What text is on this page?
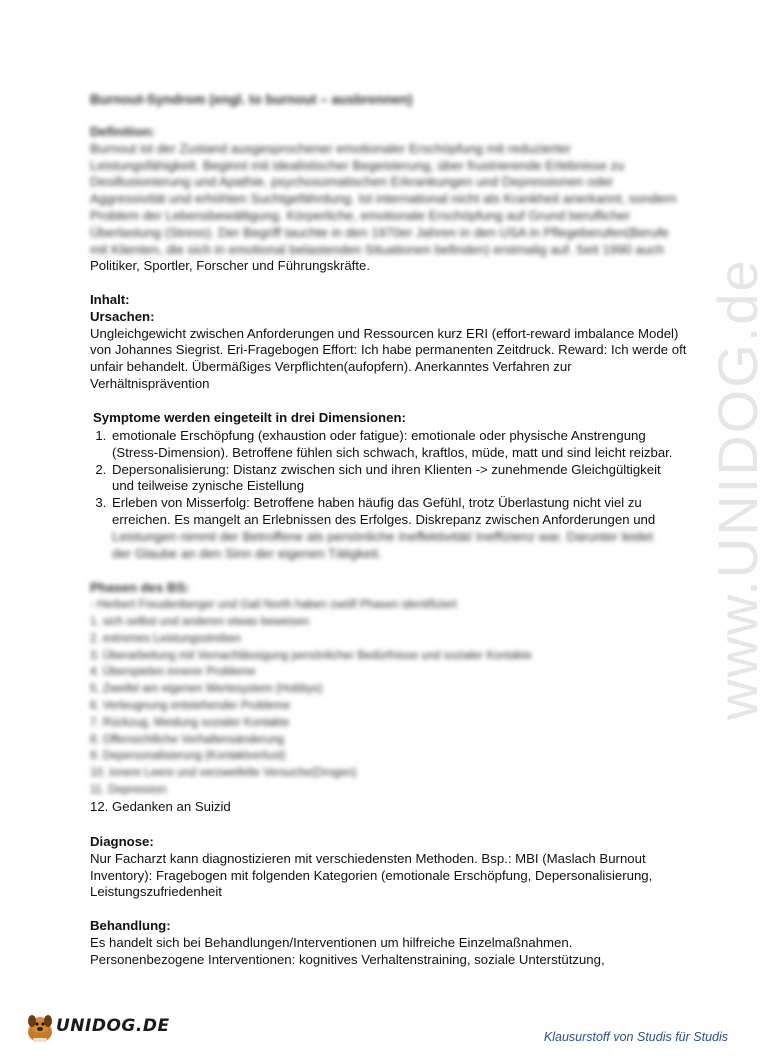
www.UNIDOG.de
Burnout-Syndrom (engl. to burnout – ausbrennen)
Definition:
Burnout ist der Zustand ausgesprochener emotionaler Erschöpfung mit reduzierter
Leistungsfähigkeit. Beginnt mit idealistischer Begeisterung, über frustrierende Erlebnisse zu
Desillusionierung und Apathie, psychosomatischen Erkrankungen und Depressionen oder
Aggressivität und erhöhten Suchtgefährdung. Ist international nicht als Krankheit anerkannt, sondern
Problem der Lebensbewältigung. Körperliche, emotionale Erschöpfung auf Grund beruflicher
Überlastung (Stress). Der Begriff tauchte in den 1970er Jahren in den USA in Pflegeberufen(Berufe
mit Klienten, die sich in emotional belastenden Situationen befinden) erstmalig auf. Seit 1990 auch
Politiker, Sportler, Forscher und Führungskräfte.
Inhalt:
Ursachen:
Ungleichgewicht zwischen Anforderungen und Ressourcen kurz ERI (effort-reward imbalance Model)
von Johannes Siegrist. Eri-Fragebogen Effort: Ich habe permanenten Zeitdruck. Reward: Ich werde oft
unfair behandelt. Übermäßiges Verpflichten(aufopfern). Anerkanntes Verfahren zur
Verhältnisprävention
Symptome werden eingeteilt in drei Dimensionen:
1. emotionale Erschöpfung (exhaustion oder fatigue): emotionale oder physische Anstrengung
(Stress-Dimension). Betroffene fühlen sich schwach, kraftlos, müde, matt und sind leicht reizbar.
2. Depersonalisierung: Distanz zwischen sich und ihren Klienten -> zunehmende Gleichgültigkeit
und teilweise zynische Eistellung
3. Erleben von Misserfolg: Betroffene haben häufig das Gefühl, trotz Überlastung nicht viel zu
erreichen. Es mangelt an Erlebnissen des Erfolges. Diskrepanz zwischen Anforderungen und
Leistungen nimmt der Betroffene als persönliche Ineffektivität/ Ineffizienz war. Darunter leidet
der Glaube an den Sinn der eigenen Tätigkeit.
Phasen des BS:
- Herbert Freudenberger und Gail North haben zwölf Phasen identifiziert
1. sich selbst und anderen etwas beweisen
2. extremes Leistungsstreben
3. Überarbeitung mit Vernachlässigung persönlicher Bedürfnisse und sozialer Kontakte
4. Überspielen innerer Probleme
5. Zweifel am eigenen Wertesystem (Hobbys)
6. Verleugnung entstehender Probleme
7. Rückzug, Meidung sozialer Kontakte
8. Offensichtliche Verhaltensänderung
9. Depersonalisierung (Kontaktverlust)
10. innere Leere und verzweifelte Versuche(Drogen)
11. Depression
12. Gedanken an Suizid
Diagnose:
Nur Facharzt kann diagnostizieren mit verschiedensten Methoden. Bsp.: MBI (Maslach Burnout
Inventory): Fragebogen mit folgenden Kategorien (emotionale Erschöpfung, Depersonalisierung,
Leistungszufriedenheit
Behandlung:
Es handelt sich bei Behandlungen/Interventionen um hilfreiche Einzelmaßnahmen.
Personenbezogene Interventionen: kognitives Verhaltenstraining, soziale Unterstützung,
UNIDOG.DE
Klausurstoff von Studis für Studis
